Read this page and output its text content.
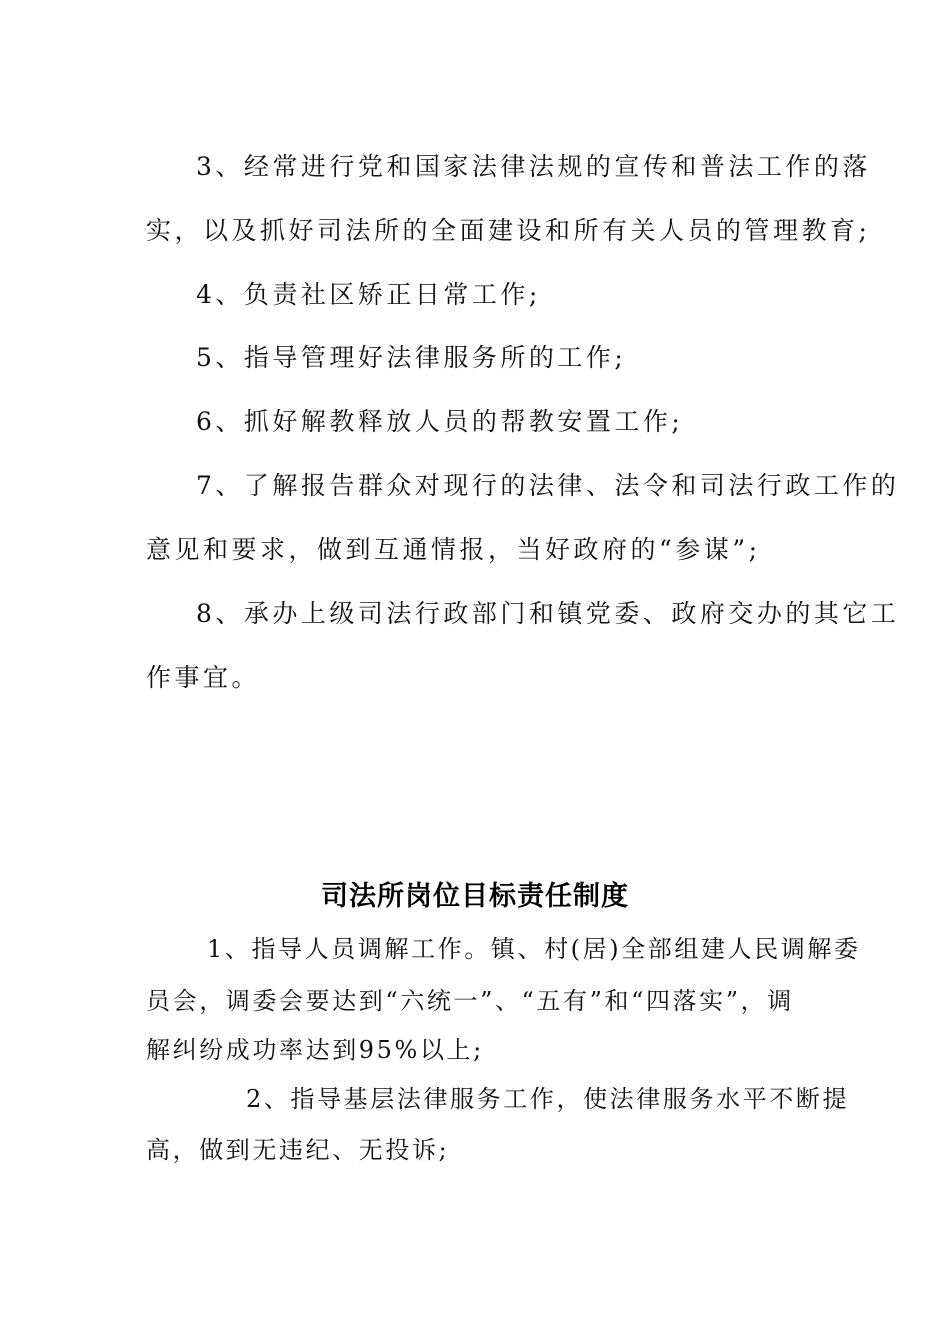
3、经常进行党和国家法律法规的宣传和普法工作的落
实，以及抓好司法所的全面建设和所有关人员的管理教育;
4、负责社区矫正日常工作;
5、指导管理好法律服务所的工作;
6、抓好解教释放人员的帮教安置工作;
7、了解报告群众对现行的法律、法令和司法行政工作的
意见和要求，做到互通情报，当好政府的“参谋”;
8、承办上级司法行政部门和镇党委、政府交办的其它工
作事宜。
司法所岗位目标责任制度
1、指导人员调解工作。镇、村(居)全部组建人民调解委
员会，调委会要达到“六统一”、“五有”和“四落实”，调
解纠纷成功率达到95%以上;
2、指导基层法律服务工作，使法律服务水平不断提
高，做到无违纪、无投诉;
